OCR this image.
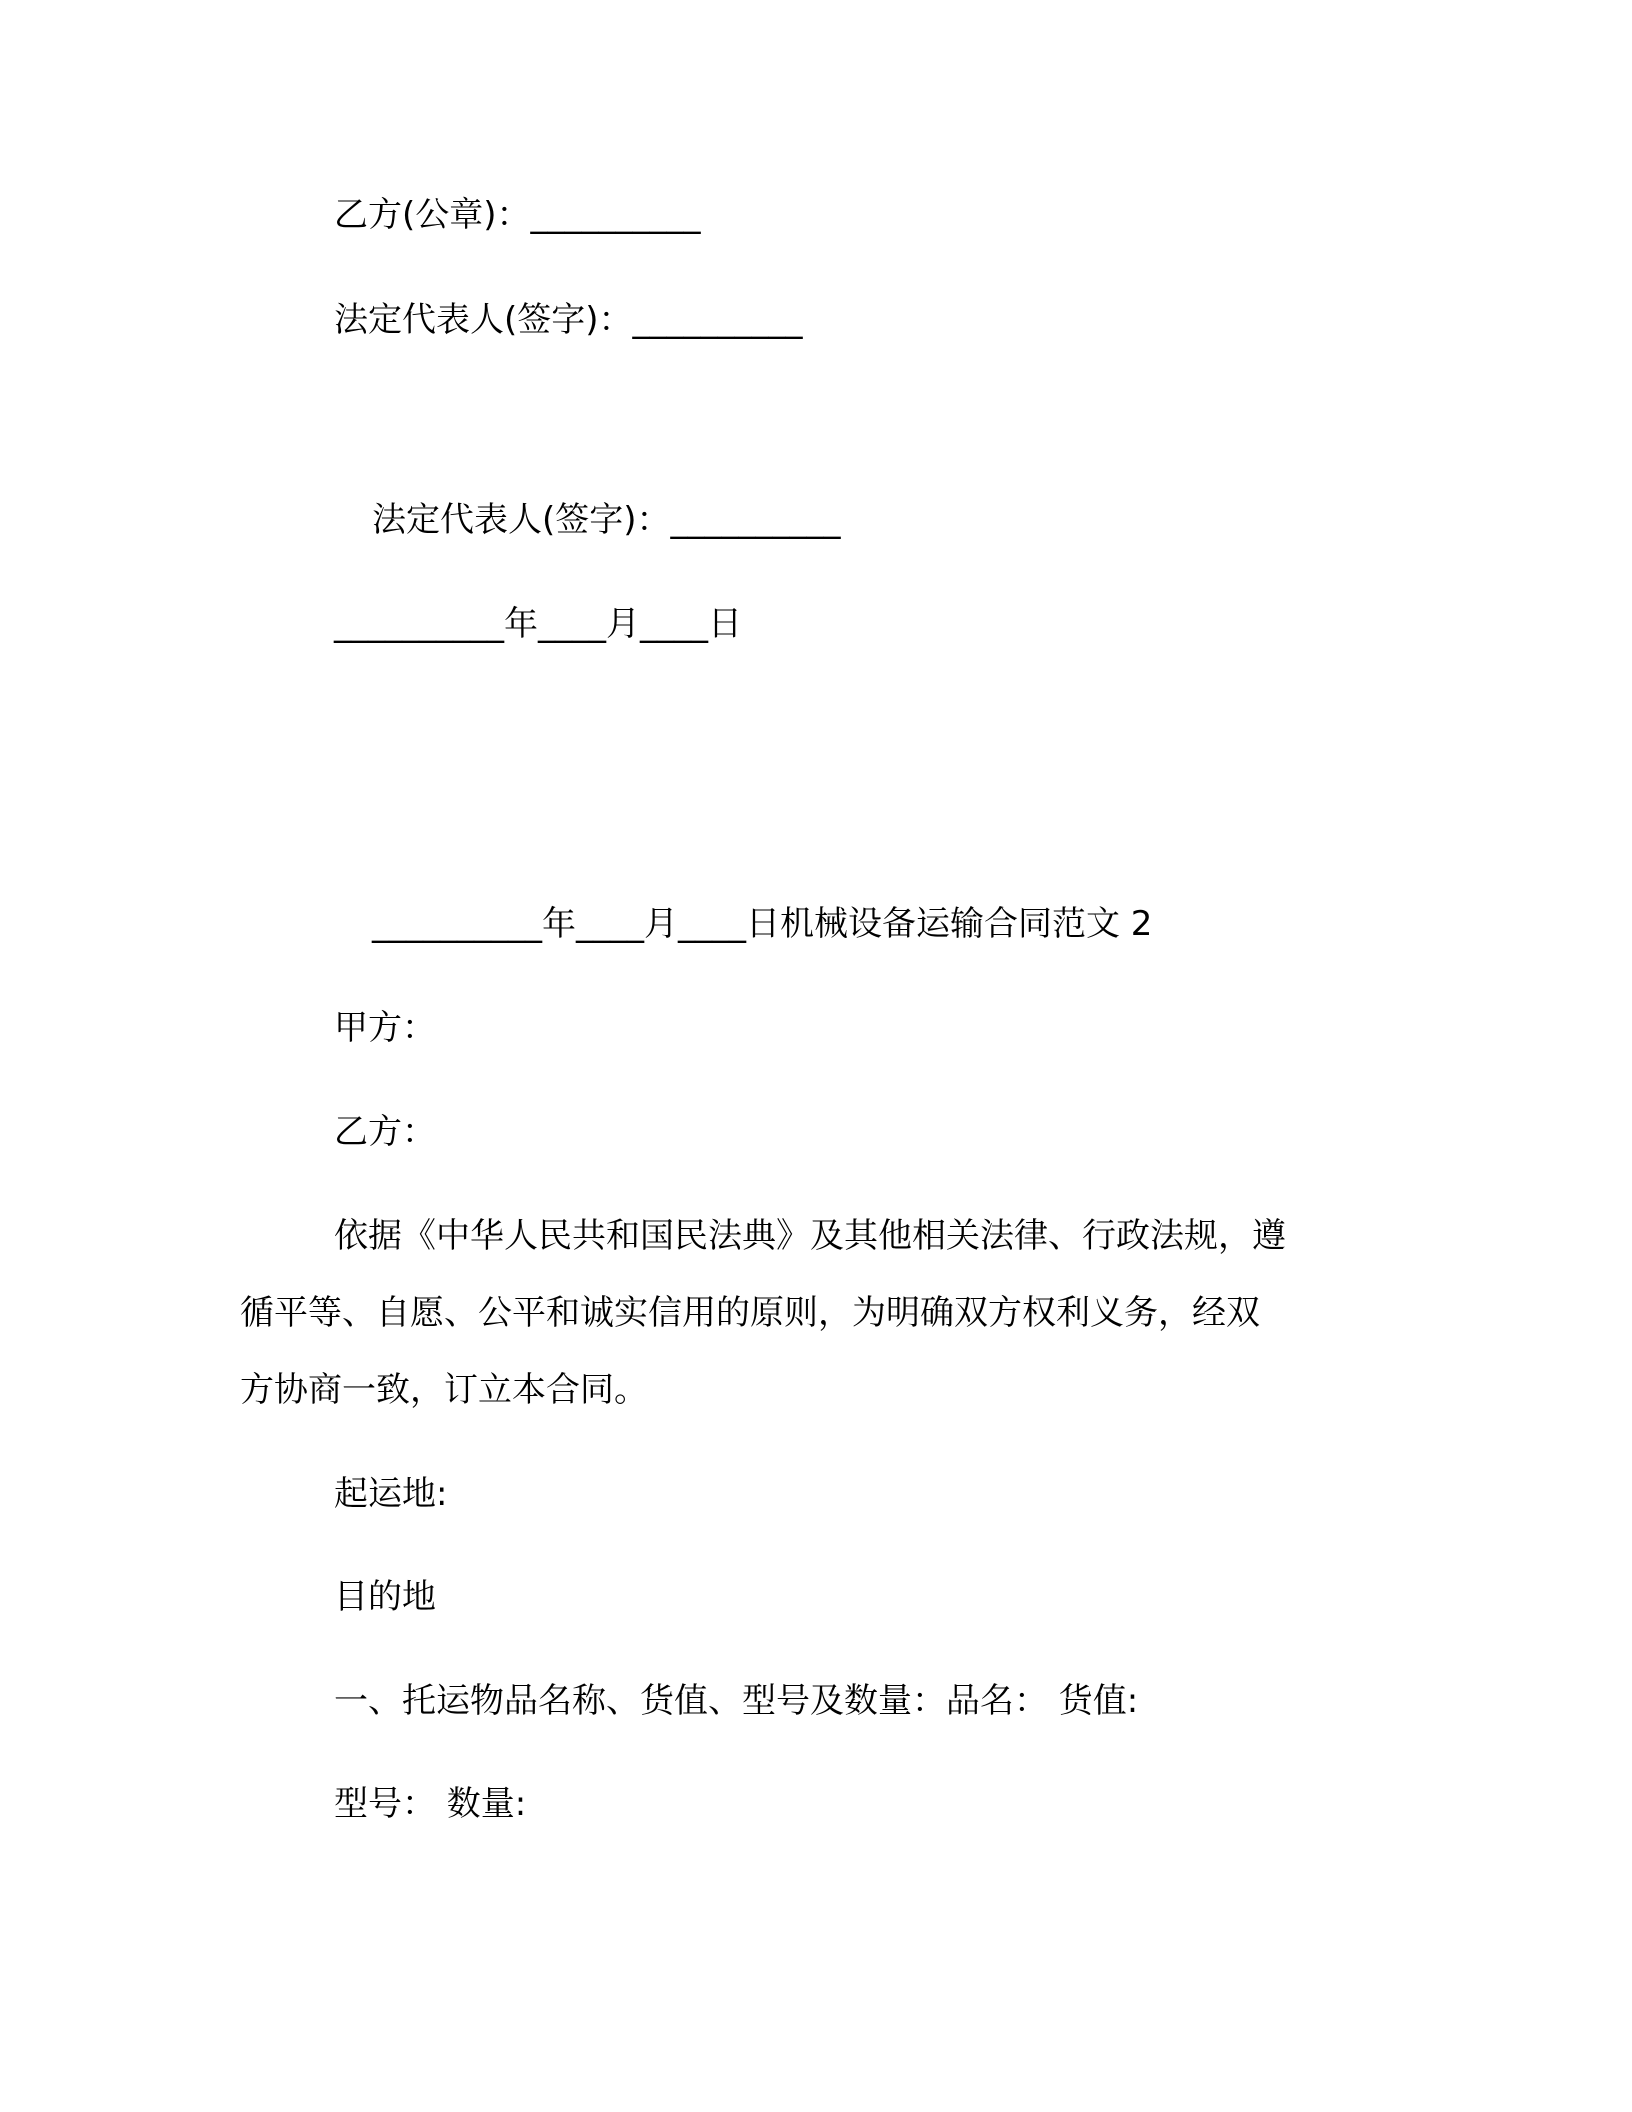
乙方(公章)：__________

法定代表人(签字)：__________

法定代表人(签字)：__________

__________年____月____日

__________年____月____日机械设备运输合同范文 2

甲方：

乙方：

依据《中华人民共和国民法典》及其他相关法律、行政法规，遵

循平等、自愿、公平和诚实信用的原则，为明确双方权利义务，经双

方协商一致，订立本合同。

起运地:

目的地

一、托运物品名称、货值、型号及数量：品名： 货值:

型号： 数量:
